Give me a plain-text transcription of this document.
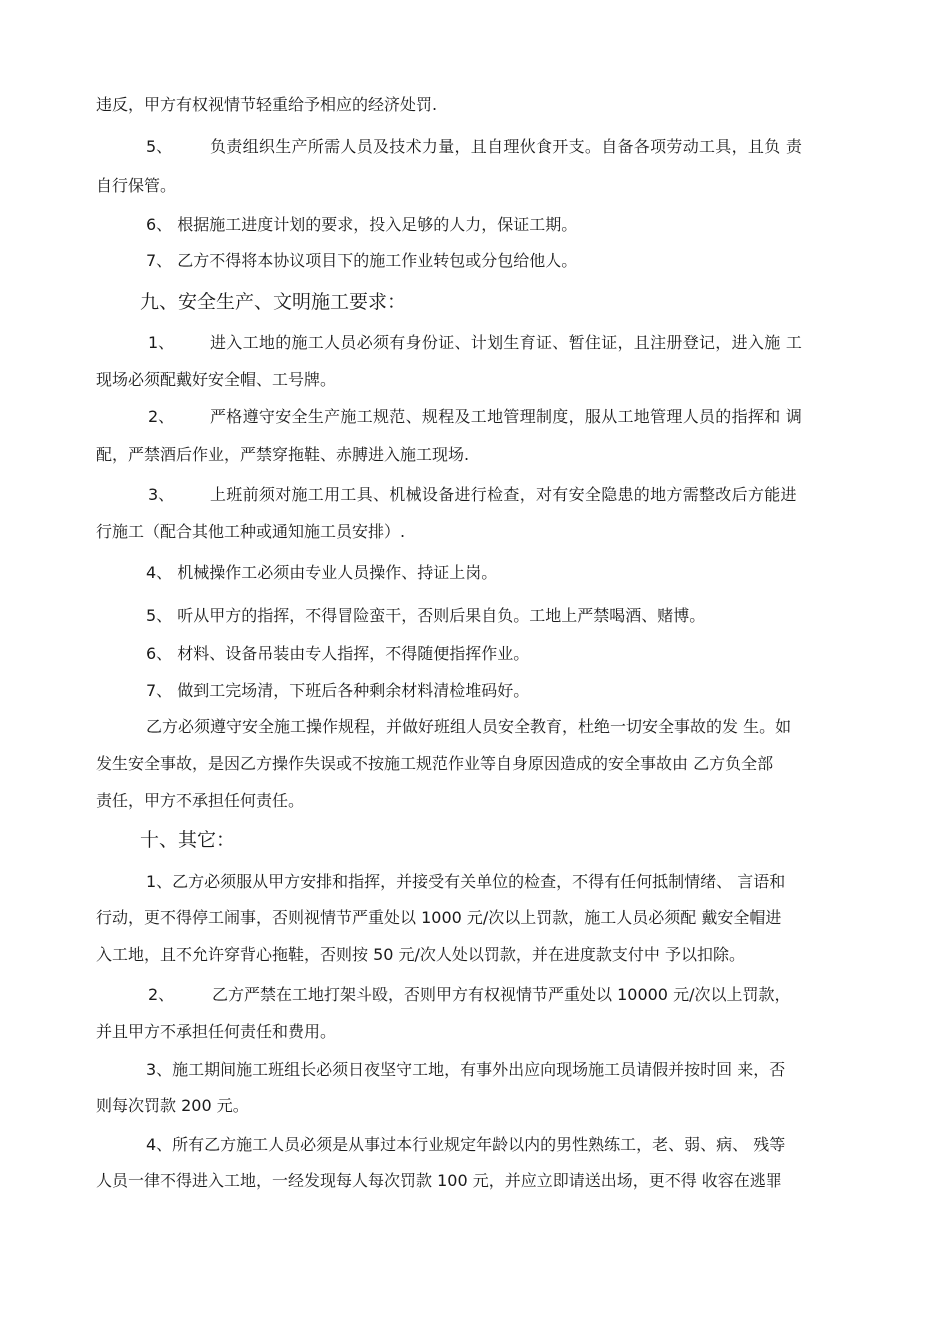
违反，甲方有权视情节轻重给予相应的经济处罚.

5、 负责组织生产所需人员及技术力量，且自理伙食开支。自备各项劳动工具，且负 责

自行保管。

6、 根据施工进度计划的要求，投入足够的人力，保证工期。

7、 乙方不得将本协议项目下的施工作业转包或分包给他人。

九、安全生产、文明施工要求：

1、 进入工地的施工人员必须有身份证、计划生育证、暂住证，且注册登记，进入施 工

现场必须配戴好安全帽、工号牌。

2、 严格遵守安全生产施工规范、规程及工地管理制度，服从工地管理人员的指挥和 调

配，严禁酒后作业，严禁穿拖鞋、赤膊进入施工现场.

3、 上班前须对施工用工具、机械设备进行检查，对有安全隐患的地方需整改后方能进

行施工（配合其他工种或通知施工员安排）.

4、 机械操作工必须由专业人员操作、持证上岗。

5、 听从甲方的指挥，不得冒险蛮干，否则后果自负。工地上严禁喝酒、赌博。

6、 材料、设备吊装由专人指挥，不得随便指挥作业。

7、 做到工完场清，下班后各种剩余材料清检堆码好。

乙方必须遵守安全施工操作规程，并做好班组人员安全教育，杜绝一切安全事故的发 生。如

发生安全事故，是因乙方操作失误或不按施工规范作业等自身原因造成的安全事故由 乙方负全部

责任，甲方不承担任何责任。

十、其它：

1、乙方必须服从甲方安排和指挥，并接受有关单位的检查，不得有任何抵制情绪、 言语和

行动，更不得停工闹事，否则视情节严重处以 1000 元/次以上罚款，施工人员必须配 戴安全帽进

入工地，且不允许穿背心拖鞋，否则按 50 元/次人处以罚款，并在进度款支付中 予以扣除。

2、 乙方严禁在工地打架斗殴，否则甲方有权视情节严重处以 10000 元/次以上罚款，

并且甲方不承担任何责任和费用。

3、施工期间施工班组长必须日夜坚守工地，有事外出应向现场施工员请假并按时回 来，否

则每次罚款 200 元。

4、所有乙方施工人员必须是从事过本行业规定年龄以内的男性熟练工，老、弱、病、 残等

人员一律不得进入工地，一经发现每人每次罚款 100 元，并应立即请送出场，更不得 收容在逃罪
